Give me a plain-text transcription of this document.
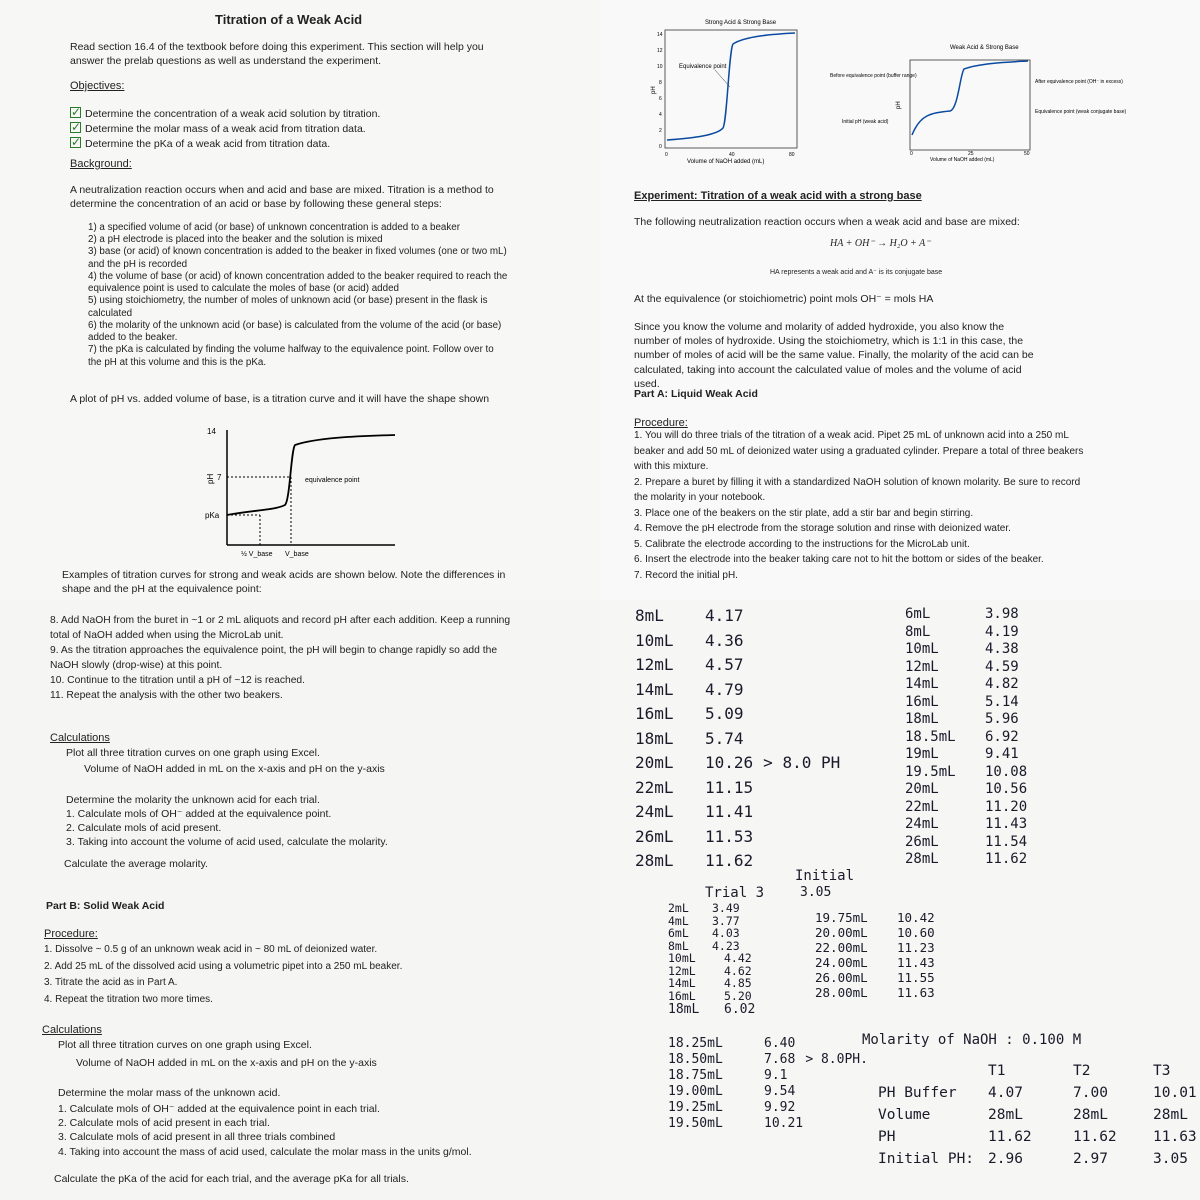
Titration of a Weak Acid
Read section 16.4 of the textbook before doing this experiment. This section will help you answer the prelab questions as well as understand the experiment.
Objectives:
✓Determine the concentration of a weak acid solution by titration.
✓Determine the molar mass of a weak acid from titration data.
✓Determine the pKa of a weak acid from titration data.
Background:
A neutralization reaction occurs when and acid and base are mixed. Titration is a method to determine the concentration of an acid or base by following these general steps:
1) a specified volume of acid (or base) of unknown concentration is added to a beaker
2) a pH electrode is placed into the beaker and the solution is mixed
3) base (or acid) of known concentration is added to the beaker in fixed volumes (one or two mL) and the pH is recorded
4) the volume of base (or acid) of known concentration added to the beaker required to reach the equivalence point is used to calculate the moles of base (or acid) added
5) using stoichiometry, the number of moles of unknown acid (or base) present in the flask is calculated
6) the molarity of the unknown acid (or base) is calculated from the volume of the acid (or base) added to the beaker.
7) the pKa is calculated by finding the volume halfway to the equivalence point. Follow over to the pH at this volume and this is the pKa.
A plot of pH vs. added volume of base, is a titration curve and it will have the shape shown
14
7
pKa
pH	equivalence point
½ V_base V_base
Examples of titration curves for strong and weak acids are shown below. Note the differences in shape and the pH at the equivalence point:
Strong Acid & Strong Base
Equivalence point
pH
Volume of NaOH added (mL)
14
12
10
8
6
4
2
0
0	40	80
Weak Acid & Strong Base
Before equivalence point (buffer range)
Initial pH (weak acid)
After equivalence point (OH⁻ in excess)
Equivalence point (weak conjugate base)
pH
Volume of NaOH added (mL)
0	25	50
Experiment: Titration of a weak acid with a strong base
The following neutralization reaction occurs when a weak acid and base are mixed:
HA + OH⁻ → H₂O + A⁻
HA represents a weak acid and A⁻ is its conjugate base
At the equivalence (or stoichiometric) point mols OH⁻ = mols HA
Since you know the volume and molarity of added hydroxide, you also know the number of moles of hydroxide. Using the stoichiometry, which is 1:1 in this case, the number of moles of acid will be the same value. Finally, the molarity of the acid can be calculated, taking into account the calculated value of moles and the volume of acid used.
Part A: Liquid Weak Acid
Procedure:
1. You will do three trials of the titration of a weak acid. Pipet 25 mL of unknown acid into a 250 mL beaker and add 50 mL of deionized water using a graduated cylinder. Prepare a total of three beakers with this mixture.
2. Prepare a buret by filling it with a standardized NaOH solution of known molarity. Be sure to record the molarity in your notebook.
3. Place one of the beakers on the stir plate, add a stir bar and begin stirring.
4. Remove the pH electrode from the storage solution and rinse with deionized water.
5. Calibrate the electrode according to the instructions for the MicroLab unit.
6. Insert the electrode into the beaker taking care not to hit the bottom or sides of the beaker.
7. Record the initial pH.
8. Add NaOH from the buret in ~1 or 2 mL aliquots and record pH after each addition. Keep a running total of NaOH added when using the MicroLab unit.
9. As the titration approaches the equivalence point, the pH will begin to change rapidly so add the NaOH slowly (drop-wise) at this point.
10. Continue to the titration until a pH of ~12 is reached.
11. Repeat the analysis with the other two beakers.
Calculations
Plot all three titration curves on one graph using Excel.
Volume of NaOH added in mL on the x-axis and pH on the y-axis
Determine the molarity the unknown acid for each trial.
1. Calculate mols of OH⁻ added at the equivalence point.
2. Calculate mols of acid present.
3. Taking into account the volume of acid used, calculate the molarity.
Calculate the average molarity.
Part B: Solid Weak Acid
Procedure:
1. Dissolve ~ 0.5 g of an unknown weak acid in ~ 80 mL of deionized water.
2. Add 25 mL of the dissolved acid using a volumetric pipet into a 250 mL beaker.
3. Titrate the acid as in Part A.
4. Repeat the titration two more times.
Calculations
Plot all three titration curves on one graph using Excel.
Volume of NaOH added in mL on the x-axis and pH on the y-axis
Determine the molar mass of the unknown acid.
1. Calculate mols of OH⁻ added at the equivalence point in each trial.
2. Calculate mols of acid present in each trial.
3. Calculate mols of acid present in all three trials combined
4. Taking into account the mass of acid used, calculate the molar mass in the units g/mol.
Calculate the pKa of the acid for each trial, and the average pKa for all trials.
8mL	4.17
10mL	4.36
12mL	4.57
14mL	4.79
16mL	5.09
18mL	5.74
20mL	10.26 > 8.0 PH
22mL	11.15
24mL	11.41
26mL	11.53
28mL	11.62
6mL	3.98
8mL	4.19
10mL	4.38
12mL	4.59
14mL	4.82
16mL	5.14
18mL	5.96
18.5mL	6.92
19mL	9.41
19.5mL	10.08
20mL	10.56
22mL	11.20
24mL	11.43
26mL	11.54
28mL	11.62
Initial
3.05
Trial 3
2mL	3.49
4mL	3.77
6mL	4.03
8mL	4.23
10mL	4.42
12mL	4.62
14mL	4.85
16mL	5.20
18mL	6.02
18.25mL	6.40
18.50mL	7.68 > 8.0PH.
18.75mL	9.1
19.00mL	9.54
19.25mL	9.92
19.50mL	10.21
19.75mL	10.42
20.00mL	10.60
22.00mL	11.23
24.00mL	11.43
26.00mL	11.55
28.00mL	11.63
Molarity of NaOH : 0.100 M
T1	T2	T3
PH Buffer	4.07	7.00	10.01
Volume	28mL	28mL	28mL
PH	11.62	11.62	11.63
Initial PH: 2.96	2.97	3.05
